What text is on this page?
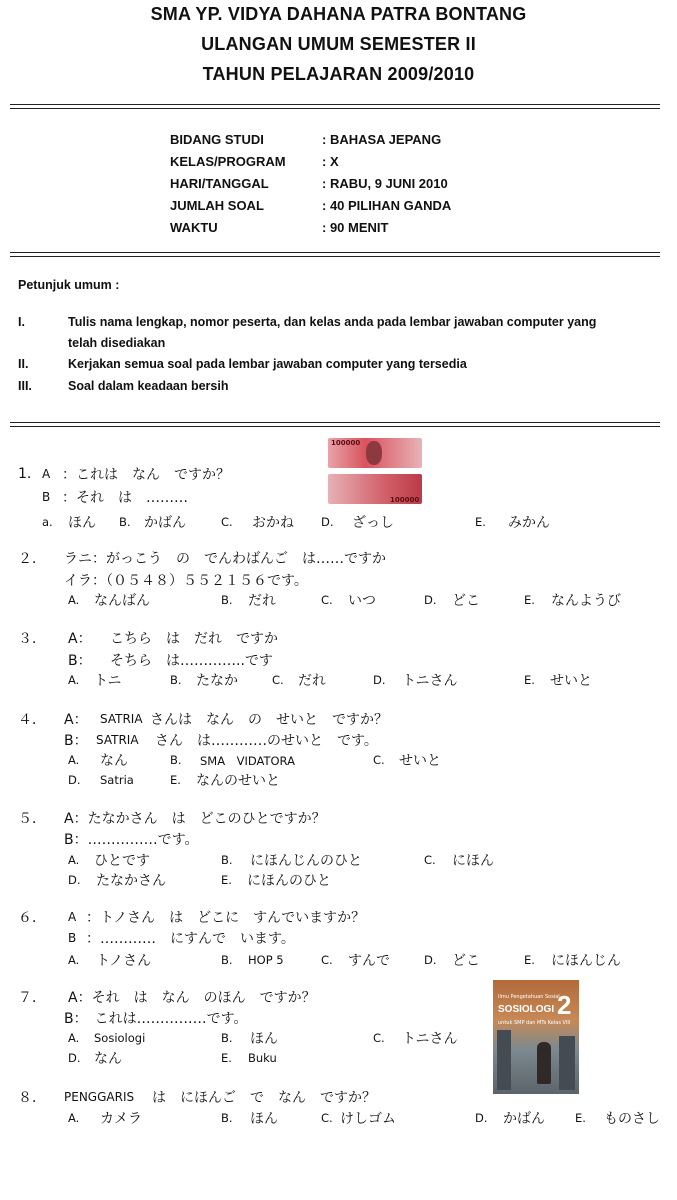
SMA YP. VIDYA DAHANA PATRA BONTANG
ULANGAN UMUM SEMESTER II
TAHUN PELAJARAN 2009/2010
BIDANG STUDI	: BAHASA JEPANG
KELAS/PROGRAM	: X
HARI/TANGGAL	: RABU, 9 JUNI 2010
JUMLAH SOAL	: 40 PILIHAN GANDA
WAKTU	: 90 MENIT
Petunjuk umum :
I.	Tulis nama lengkap, nomor peserta, dan kelas anda pada lembar jawaban computer yang
telah disediakan
II.	Kerjakan semua soal pada lembar jawaban computer yang tersedia
III.	Soal dalam keadaan bersih
100000
100000
1. A ：これは　なん　ですか？
B ：それ　は　………
a. ほん B. かばん	C. おかね D. ざっし	E. みかん
２． ラニ：がっこう　の　でんわばんご　は……ですか
イラ：（０５４８）５５２１５６です。
A. なんばん	B. だれ	C. いつ	D. どこ	E. なんようび
３． A： こちら　は　だれ　ですか
B： そちら　は…………..です
A. トニ	B. たなか	C. だれ	D. トニさん	E. せいと
４． A： SATRIA さんは　なん　の　せいと　ですか？
B： SATRIA さん　は…………のせいと　です。
A. なん	B. SMA　VIDATORA	C. せいと
D. Satria	E. なんのせいと
５． A：たなかさん　は　どこのひとですか？
B：……………です。
A. ひとです	B. にほんじんのひと	C. にほん
D. たなかさん	E. にほんのひと
６． A ：トノさん　は　どこに　すんでいますか？
B ：…………　にすんで　います。
A. トノさん	B. HOP 5	C. すんで	D. どこ	E. にほんじん
Ilmu Pengetahuan Sosial
SOSIOLOGI 2
untuk SMP dan MTs Kelas VIII
７． A：それ　は　なん　のほん　ですか？
B：　これは……………です。
A. Sosiologi	B. ほん	C. トニさん
D. なん	E. Buku
８． PENGGARIS は　にほんご　で　なん　ですか？
A. カメラ	B. ほん	C. けしゴム	D. かばん	E. ものさし
